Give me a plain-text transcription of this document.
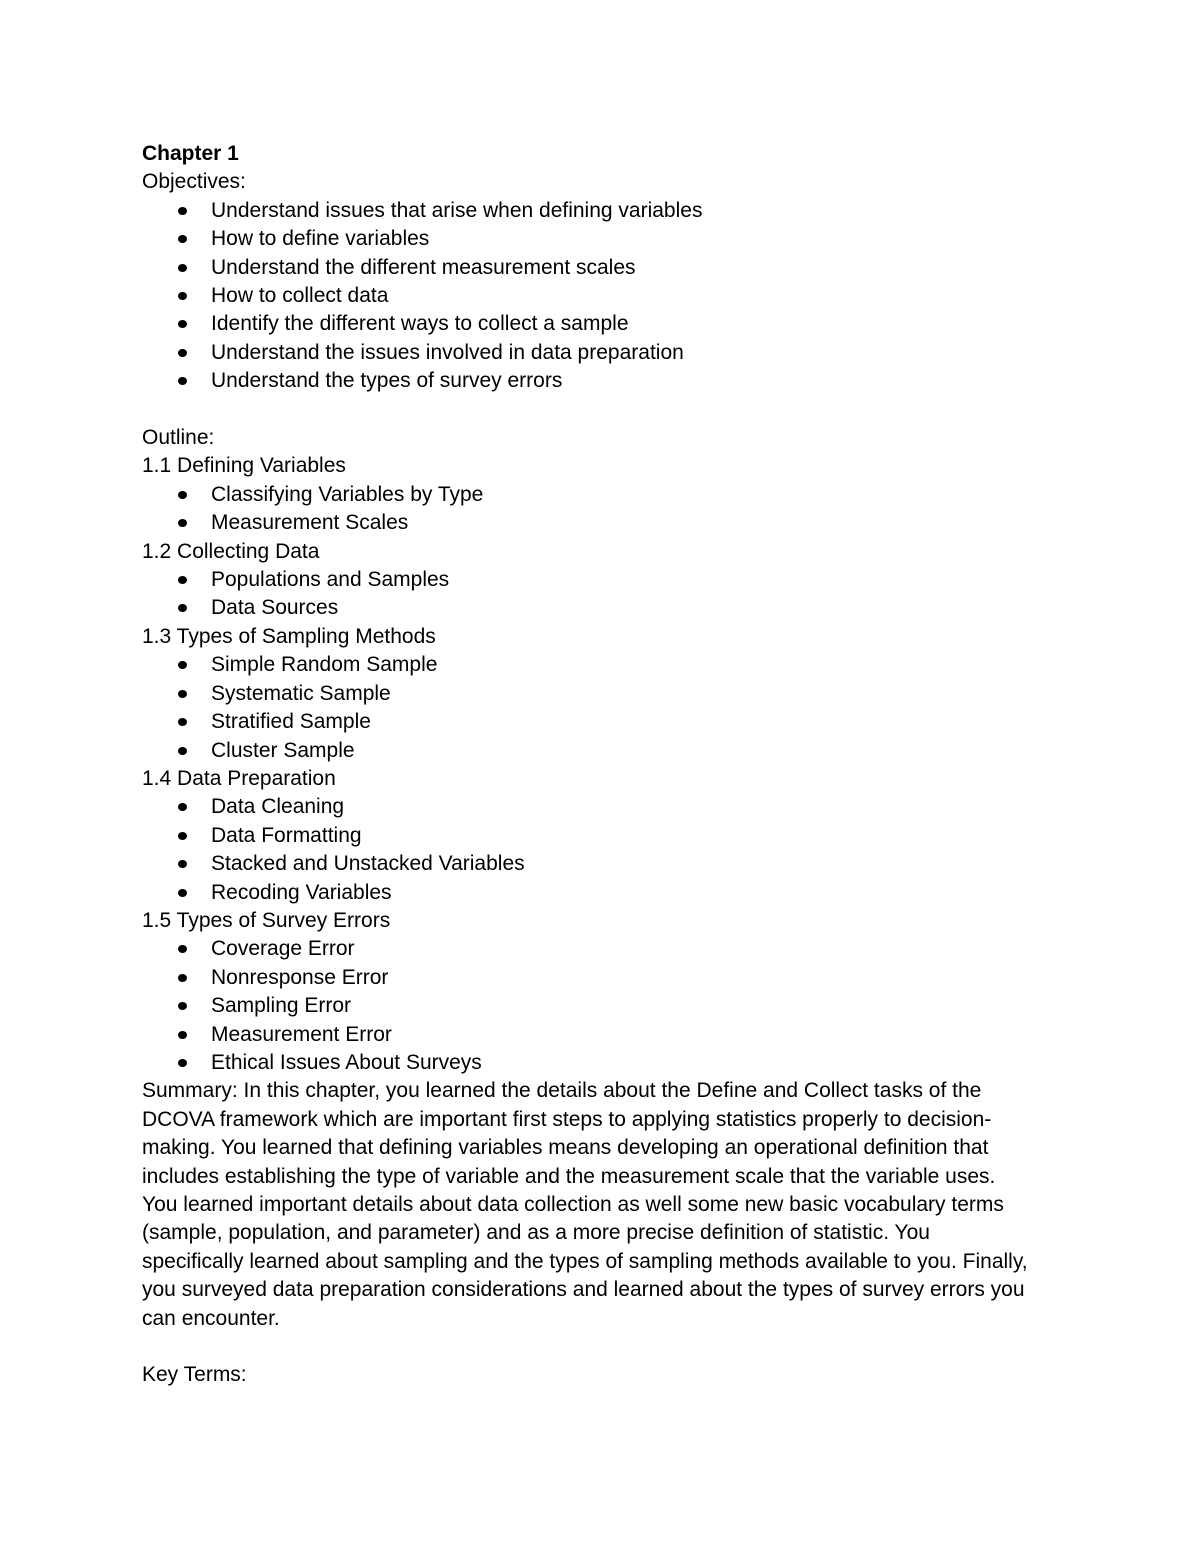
Chapter 1
Objectives:
Understand issues that arise when defining variables
How to define variables
Understand the different measurement scales
How to collect data
Identify the different ways to collect a sample
Understand the issues involved in data preparation
Understand the types of survey errors
Outline:
1.1 Defining Variables
Classifying Variables by Type
Measurement Scales
1.2 Collecting Data
Populations and Samples
Data Sources
1.3 Types of Sampling Methods
Simple Random Sample
Systematic Sample
Stratified Sample
Cluster Sample
1.4 Data Preparation
Data Cleaning
Data Formatting
Stacked and Unstacked Variables
Recoding Variables
1.5 Types of Survey Errors
Coverage Error
Nonresponse Error
Sampling Error
Measurement Error
Ethical Issues About Surveys
Summary: In this chapter, you learned the details about the Define and Collect tasks of the
DCOVA framework which are important first steps to applying statistics properly to decision-
making. You learned that defining variables means developing an operational definition that
includes establishing the type of variable and the measurement scale that the variable uses.
You learned important details about data collection as well some new basic vocabulary terms
(sample, population, and parameter) and as a more precise definition of statistic. You
specifically learned about sampling and the types of sampling methods available to you. Finally,
you surveyed data preparation considerations and learned about the types of survey errors you
can encounter.
Key Terms:
